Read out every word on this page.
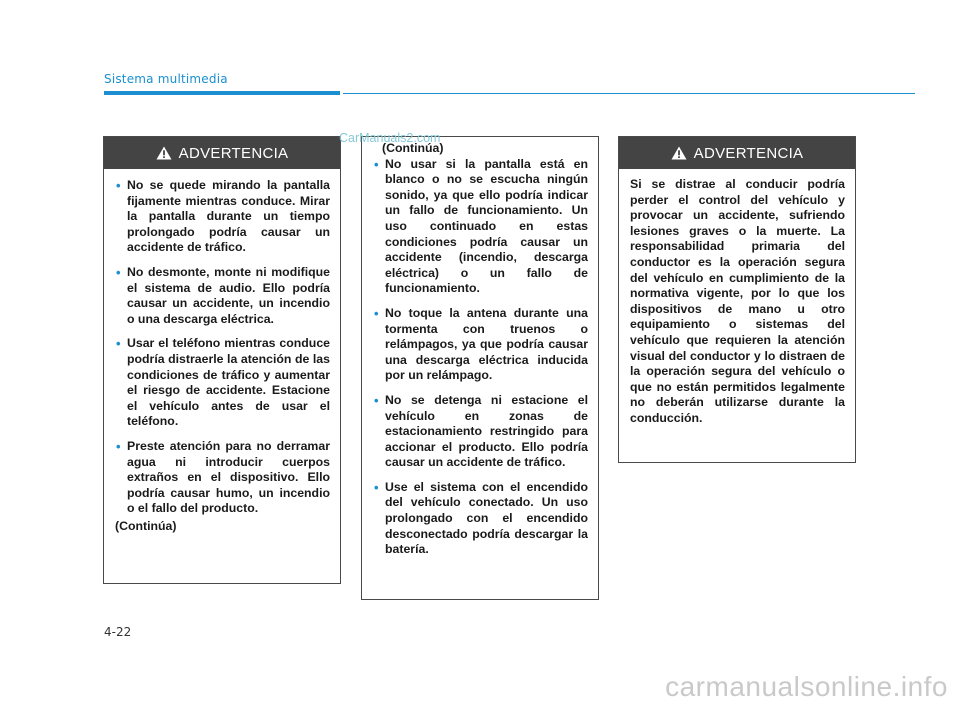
Sistema multimedia
ADVERTENCIA
• No se quede mirando la pantalla fijamente mientras conduce. Mirar la pantalla durante un tiempo prolongado podría causar un accidente de tráfico.
• No desmonte, monte ni modifique el sistema de audio. Ello podría causar un accidente, un incendio o una descarga eléctrica.
• Usar el teléfono mientras conduce podría distraerle la atención de las condiciones de tráfico y aumentar el riesgo de accidente. Estacione el vehículo antes de usar el teléfono.
• Preste atención para no derramar agua ni introducir cuerpos extraños en el dispositivo. Ello podría causar humo, un incendio o el fallo del producto.

(Continúa)

(Continúa)

• No usar si la pantalla está en blanco o no se escucha ningún sonido, ya que ello podría indicar un fallo de funcionamiento. Un uso continuado en estas condiciones podría causar un accidente (incendio, descarga eléctrica) o un fallo de funcionamiento.
• No toque la antena durante una tormenta con truenos o relámpagos, ya que podría causar una descarga eléctrica inducida por un relámpago.
• No se detenga ni estacione el vehículo en zonas de estacionamiento restringido para accionar el producto. Ello podría causar un accidente de tráfico.
• Use el sistema con el encendido del vehículo conectado. Un uso prolongado con el encendido desconectado podría descargar la batería.
ADVERTENCIA

Si se distrae al conducir podría perder el control del vehículo y provocar un accidente, sufriendo lesiones graves o la muerte. La responsabilidad primaria del conductor es la operación segura del vehículo en cumplimiento de la normativa vigente, por lo que los dispositivos de mano u otro equipamiento o sistemas del vehículo que requieren la atención visual del conductor y lo distraen de la operación segura del vehículo o que no están permitidos legalmente no deberán utilizarse durante la conducción.

CarManuals2.com
4-22
carmanualsonline.info
